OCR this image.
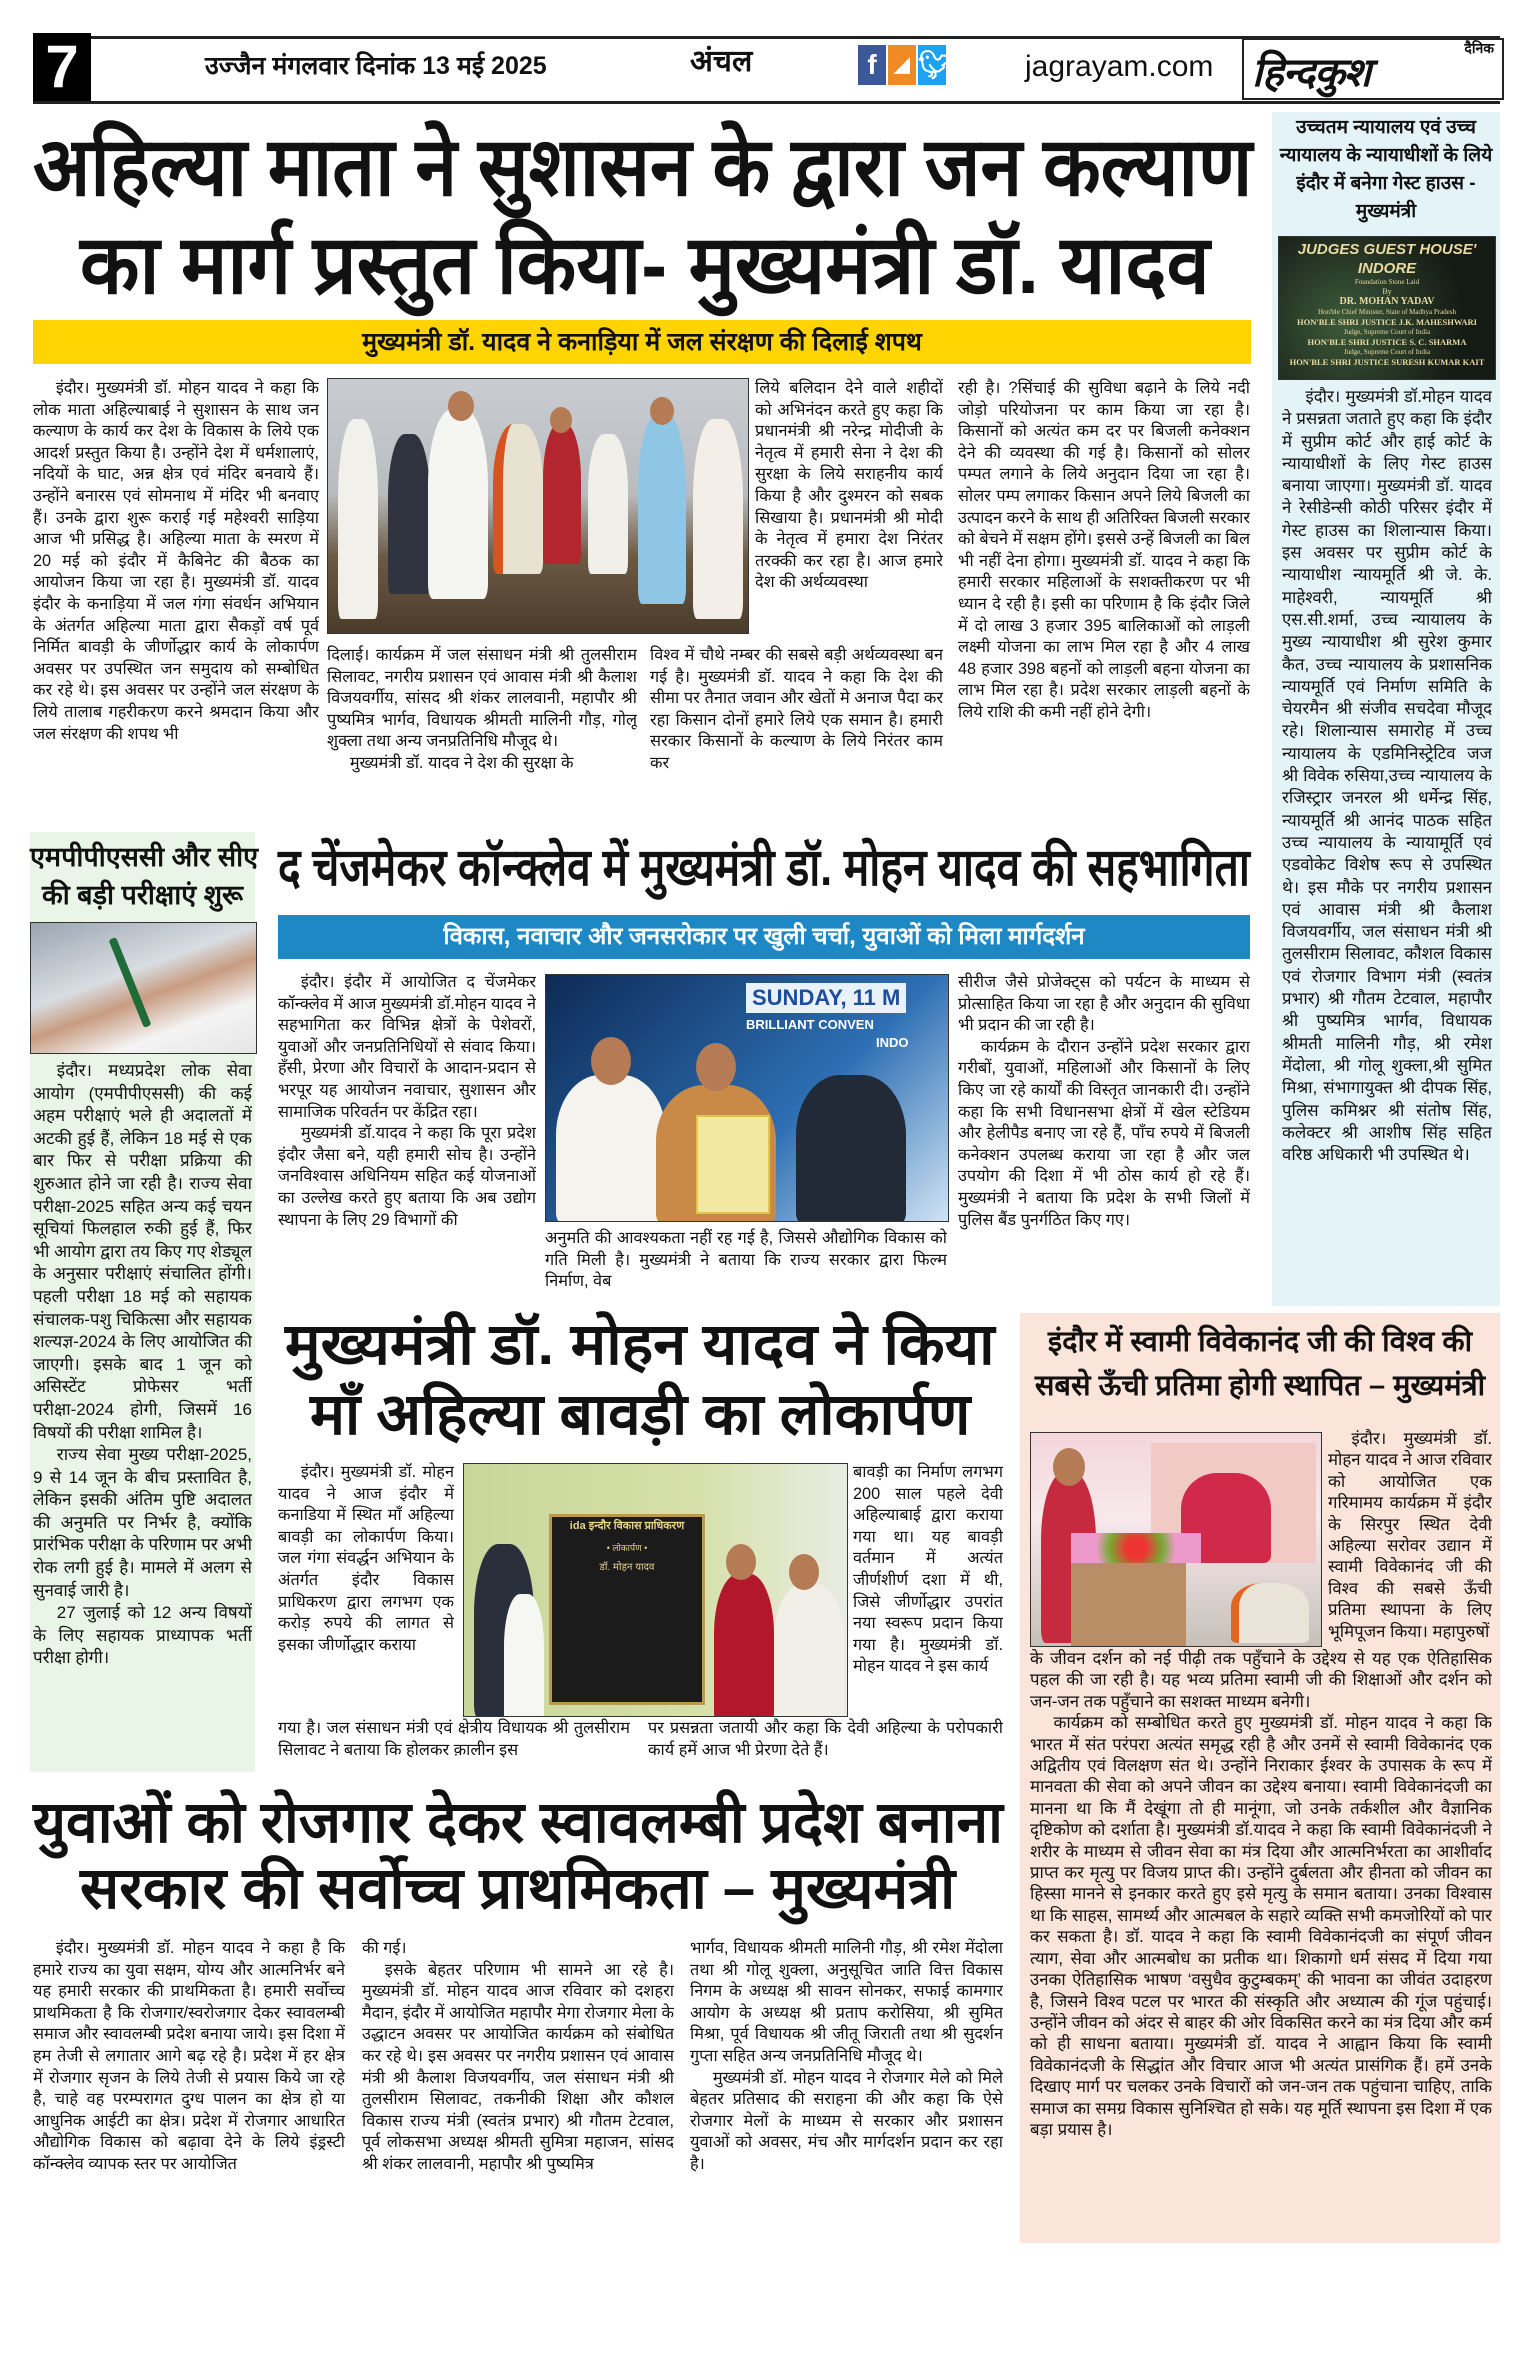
7	उज्जैन मंगलवार दिनांक 13 मई 2025	अंचल	f ◢ 🐦︎ jagrayam.com
दैनिक
हिन्दकुश
अहिल्या माता ने सुशासन के द्वारा जन कल्याण
का मार्ग प्रस्तुत किया- मुख्यमंत्री डॉ. यादव
मुख्यमंत्री डॉ. यादव ने कनाड़िया में जल संरक्षण की दिलाई शपथ

इंदौर। मुख्यमंत्री डॉ. मोहन यादव ने कहा कि लोक माता अहिल्याबाई ने सुशासन के साथ जन कल्याण के कार्य कर देश के विकास के लिये एक आदर्श प्रस्तुत किया है। उन्होंने देश में धर्मशालाएं, नदियों के घाट, अन्न क्षेत्र एवं मंदिर बनवाये हैं। उन्होंने बनारस एवं सोमनाथ में मंदिर भी बनवाए हैं। उनके द्वारा शुरू कराई गई महेश्वरी साड़िया आज भी प्रसिद्ध है। अहिल्या माता के स्मरण में 20 मई को इंदौर में कैबिनेट की बैठक का आयोजन किया जा रहा है। मुख्यमंत्री डॉ. यादव इंदौर के कनाड़िया में जल गंगा संवर्धन अभियान के अंतर्गत अहिल्या माता द्वारा सैकड़ों वर्ष पूर्व निर्मित बावड़ी के जीर्णोद्धार कार्य के लोकार्पण अवसर पर उपस्थित जन समुदाय को सम्बोधित कर रहे थे। इस अवसर पर उन्होंने जल संरक्षण के लिये तालाब गहरीकरण करने श्रमदान किया और जल संरक्षण की शपथ भी

लिये बलिदान देने वाले शहीदों को अभिनंदन करते हुए कहा कि प्रधानमंत्री श्री नरेन्द्र मोदीजी के नेतृत्व में हमारी सेना ने देश की सुरक्षा के लिये सराहनीय कार्य किया है और दुश्मरन को सबक सिखाया है। प्रधानमंत्री श्री मोदी के नेतृत्व में हमारा देश निरंतर तरक्की कर रहा है। आज हमारे देश की अर्थव्यवस्था

दिलाई। कार्यक्रम में जल संसाधन मंत्री श्री तुलसीराम सिलावट, नगरीय प्रशासन एवं आवास मंत्री श्री कैलाश विजयवर्गीय, सांसद श्री शंकर लालवानी, महापौर श्री पुष्यमित्र भार्गव, विधायक श्रीमती मालिनी गौड़, गोलू शुक्ला तथा अन्य जनप्रतिनिधि मौजूद थे।

मुख्यमंत्री डॉ. यादव ने देश की सुरक्षा के

विश्व में चौथे नम्बर की सबसे बड़ी अर्थव्यवस्था बन गई है। मुख्यमंत्री डॉ. यादव ने कहा कि देश की सीमा पर तैनात जवान और खेतों मे अनाज पैदा कर रहा किसान दोनों हमारे लिये एक समान है। हमारी सरकार किसानों के कल्याण के लिये निरंतर काम कर

रही है। ?सिंचाई की सुविधा बढ़ाने के लिये नदी जोड़ो परियोजना पर काम किया जा रहा है। किसानों को अत्यंत कम दर पर बिजली कनेक्शन देने की व्यवस्था की गई है। किसानों को सोलर पम्पत लगाने के लिये अनुदान दिया जा रहा है। सोलर पम्प लगाकर किसान अपने लिये बिजली का उत्पादन करने के साथ ही अतिरिक्त बिजली सरकार को बेचने में सक्षम होंगे। इससे उन्हें बिजली का बिल भी नहीं देना होगा। मुख्यमंत्री डॉ. यादव ने कहा कि हमारी सरकार महिलाओं के सशक्तीकरण पर भी ध्यान दे रही है। इसी का परिणाम है कि इंदौर जिले में दो लाख 3 हजार 395 बालिकाओं को लाड़ली लक्ष्मी योजना का लाभ मिल रहा है और 4 लाख 48 हजार 398 बहनों को लाड़ली बहना योजना का लाभ मिल रहा है। प्रदेश सरकार लाड़ली बहनों के लिये राशि की कमी नहीं होने देगी।

उच्चतम न्यायालय एवं उच्च न्यायालय के न्यायाधीशों के लिये इंदौर में बनेगा गेस्ट हाउस - मुख्यमंत्री
JUDGES GUEST HOUSE' INDORE
Foundation Stone Laid
By
DR. MOHAN YADAV
Hon'ble Chief Minister, State of Madhya Pradesh
HON'BLE SHRI JUSTICE J.K. MAHESHWARI
Judge, Supreme Court of India
HON'BLE SHRI JUSTICE S. C. SHARMA
Judge, Supreme Court of India
HON'BLE SHRI JUSTICE SURESH KUMAR KAIT

इंदौर। मुख्यमंत्री डॉ.मोहन यादव ने प्रसन्नता जताते हुए कहा कि इंदौर में सुप्रीम कोर्ट और हाई कोर्ट के न्यायाधीशों के लिए गेस्ट हाउस बनाया जाएगा। मुख्यमंत्री डॉ. यादव ने रेसीडेन्सी कोठी परिसर इंदौर में गेस्ट हाउस का शिलान्यास किया। इस अवसर पर सुप्रीम कोर्ट के न्यायाधीश न्यायमूर्ति श्री जे. के. माहेश्वरी, न्यायमूर्ति श्री एस.सी.शर्मा, उच्च न्यायालय के मुख्य न्यायाधीश श्री सुरेश कुमार कैत, उच्च न्यायालय के प्रशासनिक न्यायमूर्ति एवं निर्माण समिति के चेयरमैन श्री संजीव सचदेवा मौजूद रहे। शिलान्यास समारोह में उच्च न्यायालय के एडमिनिस्ट्रेटिव जज श्री विवेक रुसिया,उच्च न्यायालय के रजिस्ट्रार जनरल श्री धर्मेन्द्र सिंह, न्यायमूर्ति श्री आनंद पाठक सहित उच्च न्यायालय के न्यायामूर्ति एवं एडवोकेट विशेष रूप से उपस्थित थे। इस मौके पर नगरीय प्रशासन एवं आवास मंत्री श्री कैलाश विजयवर्गीय, जल संसाधन मंत्री श्री तुलसीराम सिलावट, कौशल विकास एवं रोजगार विभाग मंत्री (स्वतंत्र प्रभार) श्री गौतम टेटवाल, महापौर श्री पुष्यमित्र भार्गव, विधायक श्रीमती मालिनी गौड़, श्री रमेश मेंदोला, श्री गोलू शुक्ला,श्री सुमित मिश्रा, संभागायुक्त श्री दीपक सिंह, पुलिस कमिश्नर श्री संतोष सिंह, कलेक्टर श्री आशीष सिंह सहित वरिष्ठ अधिकारी भी उपस्थित थे।

एमपीपीएससी और सीए
की बड़ी परीक्षाएं शुरू

इंदौर। मध्यप्रदेश लोक सेवा आयोग (एमपीपीएससी) की कई अहम परीक्षाएं भले ही अदालतों में अटकी हुई हैं, लेकिन 18 मई से एक बार फिर से परीक्षा प्रक्रिया की शुरुआत होने जा रही है। राज्य सेवा परीक्षा-2025 सहित अन्य कई चयन सूचियां फिलहाल रुकी हुई हैं, फिर भी आयोग द्वारा तय किए गए शेड्यूल के अनुसार परीक्षाएं संचालित होंगी। पहली परीक्षा 18 मई को सहायक संचालक-पशु चिकित्सा और सहायक शल्यज्ञ-2024 के लिए आयोजित की जाएगी। इसके बाद 1 जून को असिस्टेंट प्रोफेसर भर्ती परीक्षा-2024 होगी, जिसमें 16 विषयों की परीक्षा शामिल है।

राज्य सेवा मुख्य परीक्षा-2025, 9 से 14 जून के बीच प्रस्तावित है, लेकिन इसकी अंतिम पुष्टि अदालत की अनुमति पर निर्भर है, क्योंकि प्रारंभिक परीक्षा के परिणाम पर अभी रोक लगी हुई है। मामले में अलग से सुनवाई जारी है।

27 जुलाई को 12 अन्य विषयों के लिए सहायक प्राध्यापक भर्ती परीक्षा होगी।

द चेंजमेकर कॉन्क्लेव में मुख्यमंत्री डॉ. मोहन यादव की सहभागिता
विकास, नवाचार और जनसरोकार पर खुली चर्चा, युवाओं को मिला मार्गदर्शन

इंदौर। इंदौर में आयोजित द चेंजमेकर कॉन्क्लेव में आज मुख्यमंत्री डॉ.मोहन यादव ने सहभागिता कर विभिन्न क्षेत्रों के पेशेवरों, युवाओं और जनप्रतिनिधियों से संवाद किया। हँसी, प्रेरणा और विचारों के आदान-प्रदान से भरपूर यह आयोजन नवाचार, सुशासन और सामाजिक परिवर्तन पर केंद्रित रहा।

मुख्यमंत्री डॉ.यादव ने कहा कि पूरा प्रदेश इंदौर जैसा बने, यही हमारी सोच है। उन्होंने जनविश्वास अधिनियम सहित कई योजनाओं का उल्लेख करते हुए बताया कि अब उद्योग स्थापना के लिए 29 विभागों की

SUNDAY, 11 M
BRILLIANT CONVEN
INDO

अनुमति की आवश्यकता नहीं रह गई है, जिससे औद्योगिक विकास को गति मिली है। मुख्यमंत्री ने बताया कि राज्य सरकार द्वारा फिल्म निर्माण, वेब

सीरीज जैसे प्रोजेक्ट्स को पर्यटन के माध्यम से प्रोत्साहित किया जा रहा है और अनुदान की सुविधा भी प्रदान की जा रही है।

कार्यक्रम के दौरान उन्होंने प्रदेश सरकार द्वारा गरीबों, युवाओं, महिलाओं और किसानों के लिए किए जा रहे कार्यों की विस्तृत जानकारी दी। उन्होंने कहा कि सभी विधानसभा क्षेत्रों में खेल स्टेडियम और हेलीपैड बनाए जा रहे हैं, पाँच रुपये में बिजली कनेक्शन उपलब्ध कराया जा रहा है और जल उपयोग की दिशा में भी ठोस कार्य हो रहे हैं। मुख्यमंत्री ने बताया कि प्रदेश के सभी जिलों में पुलिस बैंड पुनर्गठित किए गए।

मुख्यमंत्री डॉ. मोहन यादव ने किया
माँ अहिल्या बावड़ी का लोकार्पण

इंदौर। मुख्यमंत्री डॉ. मोहन यादव ने आज इंदौर में कनाडिया में स्थित माँ अहिल्या बावड़ी का लोकार्पण किया। जल गंगा संवर्द्धन अभियान के अंतर्गत इंदौर विकास प्राधिकरण द्वारा लगभग एक करोड़ रुपये की लागत से इसका जीर्णोद्धार कराया

ida इन्दौर विकास प्राधिकरण
• लोकार्पण •
डॉ. मोहन यादव

बावड़ी का निर्माण लगभग 200 साल पहले देवी अहिल्याबाई द्वारा कराया गया था। यह बावड़ी वर्तमान में अत्यंत जीर्णशीर्ण दशा में थी, जिसे जीर्णोद्धार उपरांत नया स्वरूप प्रदान किया गया है। मुख्यमंत्री डॉ. मोहन यादव ने इस कार्य

गया है। जल संसाधन मंत्री एवं क्षेत्रीय विधायक श्री तुलसीराम सिलावट ने बताया कि होलकर क़ालीन इस

पर प्रसन्नता जतायी और कहा कि देवी अहिल्या के परोपकारी कार्य हमें आज भी प्रेरणा देते हैं।

इंदौर में स्वामी विवेकानंद जी की विश्व की
सबसे ऊँची प्रतिमा होगी स्थापित – मुख्यमंत्री

इंदौर। मुख्यमंत्री डॉ. मोहन यादव ने आज रविवार को आयोजित एक गरिमामय कार्यक्रम में इंदौर के सिरपुर स्थित देवी अहिल्या सरोवर उद्यान में स्वामी विवेकानंद जी की विश्व की सबसे ऊँची प्रतिमा स्थापना के लिए भूमिपूजन किया। महापुरुषों

के जीवन दर्शन को नई पीढ़ी तक पहुँचाने के उद्देश्य से यह एक ऐतिहासिक पहल की जा रही है। यह भव्य प्रतिमा स्वामी जी की शिक्षाओं और दर्शन को जन-जन तक पहुँचाने का सशक्त माध्यम बनेगी।

कार्यक्रम को सम्बोधित करते हुए मुख्यमंत्री डॉ. मोहन यादव ने कहा कि भारत में संत परंपरा अत्यंत समृद्ध रही है और उनमें से स्वामी विवेकानंद एक अद्वितीय एवं विलक्षण संत थे। उन्होंने निराकार ईश्वर के उपासक के रूप में मानवता की सेवा को अपने जीवन का उद्देश्य बनाया। स्वामी विवेकानंदजी का मानना था कि मैं देखूंगा तो ही मानूंगा, जो उनके तर्कशील और वैज्ञानिक दृष्टिकोण को दर्शाता है। मुख्यमंत्री डॉ.यादव ने कहा कि स्वामी विवेकानंदजी ने शरीर के माध्यम से जीवन सेवा का मंत्र दिया और आत्मनिर्भरता का आशीर्वाद प्राप्त कर मृत्यु पर विजय प्राप्त की। उन्होंने दुर्बलता और हीनता को जीवन का हिस्सा मानने से इनकार करते हुए इसे मृत्यु के समान बताया। उनका विश्वास था कि साहस, सामर्थ्य और आत्मबल के सहारे व्यक्ति सभी कमजोरियों को पार कर सकता है। डॉ. यादव ने कहा कि स्वामी विवेकानंदजी का संपूर्ण जीवन त्याग, सेवा और आत्मबोध का प्रतीक था। शिकागो धर्म संसद में दिया गया उनका ऐतिहासिक भाषण ‘वसुधैव कुटुम्बकम्’ की भावना का जीवंत उदाहरण है, जिसने विश्व पटल पर भारत की संस्कृति और अध्यात्म की गूंज पहुंचाई। उन्होंने जीवन को अंदर से बाहर की ओर विकसित करने का मंत्र दिया और कर्म को ही साधना बताया। मुख्यमंत्री डॉ. यादव ने आह्वान किया कि स्वामी विवेकानंदजी के सिद्धांत और विचार आज भी अत्यंत प्रासंगिक हैं। हमें उनके दिखाए मार्ग पर चलकर उनके विचारों को जन-जन तक पहुंचाना चाहिए, ताकि समाज का समग्र विकास सुनिश्चित हो सके। यह मूर्ति स्थापना इस दिशा में एक बड़ा प्रयास है।

युवाओं को रोजगार देकर स्वावलम्बी प्रदेश बनाना
सरकार की सर्वोच्च प्राथमिकता – मुख्यमंत्री

इंदौर। मुख्यमंत्री डॉ. मोहन यादव ने कहा है कि हमारे राज्य का युवा सक्षम, योग्य और आत्मनिर्भर बने यह हमारी सरकार की प्राथमिकता है। हमारी सर्वोच्च प्राथमिकता है कि रोजगार/स्वरोजगार देकर स्वावलम्बी समाज और स्वावलम्बी प्रदेश बनाया जाये। इस दिशा में हम तेजी से लगातार आगे बढ़ रहे है। प्रदेश में हर क्षेत्र में रोजगार सृजन के लिये तेजी से प्रयास किये जा रहे है, चाहे वह परम्परागत दुग्ध पालन का क्षेत्र हो या आधुनिक आईटी का क्षेत्र। प्रदेश में रोजगार आधारित औद्योगिक विकास को बढ़ावा देने के लिये इंड्रस्टी कॉन्क्लेव व्यापक स्तर पर आयोजित

की गई।

इसके बेहतर परिणाम भी सामने आ रहे है। मुख्यमंत्री डॉ. मोहन यादव आज रविवार को दशहरा मैदान, इंदौर में आयोजित महापौर मेगा रोजगार मेला के उद्धाटन अवसर पर आयोजित कार्यक्रम को संबोधित कर रहे थे। इस अवसर पर नगरीय प्रशासन एवं आवास मंत्री श्री कैलाश विजयवर्गीय, जल संसाधन मंत्री श्री तुलसीराम सिलावट, तकनीकी शिक्षा और कौशल विकास राज्य मंत्री (स्वतंत्र प्रभार) श्री गौतम टेटवाल, पूर्व लोकसभा अध्यक्ष श्रीमती सुमित्रा महाजन, सांसद श्री शंकर लालवानी, महापौर श्री पुष्यमित्र

भार्गव, विधायक श्रीमती मालिनी गौड़, श्री रमेश मेंदोला तथा श्री गोलू शुक्ला, अनुसूचित जाति वित्त विकास निगम के अध्यक्ष श्री सावन सोनकर, सफाई कामगार आयोग के अध्यक्ष श्री प्रताप करोसिया, श्री सुमित मिश्रा, पूर्व विधायक श्री जीतू जिराती तथा श्री सुदर्शन गुप्ता सहित अन्य जनप्रतिनिधि मौजूद थे।

मुख्यमंत्री डॉ. मोहन यादव ने रोजगार मेले को मिले बेहतर प्रतिसाद की सराहना की और कहा कि ऐसे रोजगार मेलों के माध्यम से सरकार और प्रशासन युवाओं को अवसर, मंच और मार्गदर्शन प्रदान कर रहा है।
